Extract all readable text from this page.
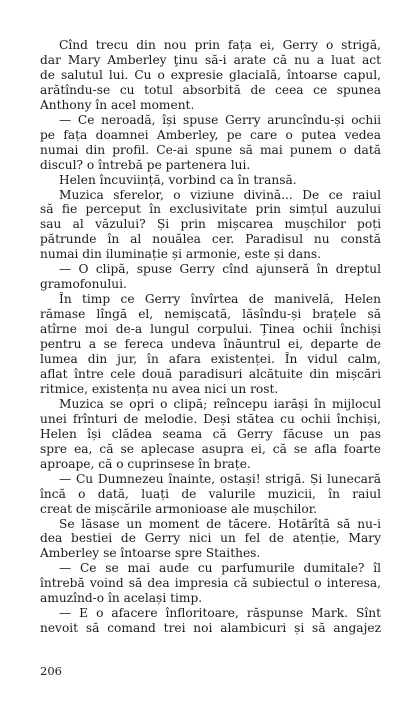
Cînd trecu din nou prin fața ei, Gerry o strigă,
dar Mary Amberley ţinu să-i arate că nu a luat act
de salutul lui. Cu o expresie glacială, întoarse capul,
arătîndu-se cu totul absorbită de ceea ce spunea
Anthony în acel moment.
— Ce neroadă, își spuse Gerry aruncîndu-și ochii
pe fața doamnei Amberley, pe care o putea vedea
numai din profil. Ce-ai spune să mai punem o dată
discul? o întrebă pe partenera lui.
Helen încuviință, vorbind ca în transă.
Muzica sferelor, o viziune divină... De ce raiul
să fie perceput în exclusivitate prin simțul auzului
sau al văzului? Și prin mișcarea mușchilor poți
pătrunde în al nouălea cer. Paradisul nu constă
numai din iluminație și armonie, este și dans.
— O clipă, spuse Gerry cînd ajunseră în dreptul
gramofonului.
În timp ce Gerry învîrtea de manivelă, Helen
rămase lîngă el, nemișcată, lăsîndu-și brațele să
atîrne moi de-a lungul corpului. Ținea ochii închiși
pentru a se fereca undeva înăuntrul ei, departe de
lumea din jur, în afara existenței. În vidul calm,
aflat între cele două paradisuri alcătuite din mișcări
ritmice, existența nu avea nici un rost.
Muzica se opri o clipă; reîncepu iarăși în mijlocul
unei frînturi de melodie. Deși stătea cu ochii închiși,
Helen își clădea seama că Gerry făcuse un pas
spre ea, că se aplecase asupra ei, că se afla foarte
aproape, că o cuprinsese în brațe.
— Cu Dumnezeu înainte, ostași! strigă. Și lunecară
încă o dată, luați de valurile muzicii, în raiul
creat de mișcările armonioase ale mușchilor.
Se lăsase un moment de tăcere. Hotărîtă să nu-i
dea bestiei de Gerry nici un fel de atenție, Mary
Amberley se întoarse spre Staithes.
— Ce se mai aude cu parfumurile dumitale? îl
întrebă voind să dea impresia că subiectul o interesa,
amuzînd-o în același timp.
— E o afacere înfloritoare, răspunse Mark. Sînt
nevoit să comand trei noi alambicuri și să angajez
206
